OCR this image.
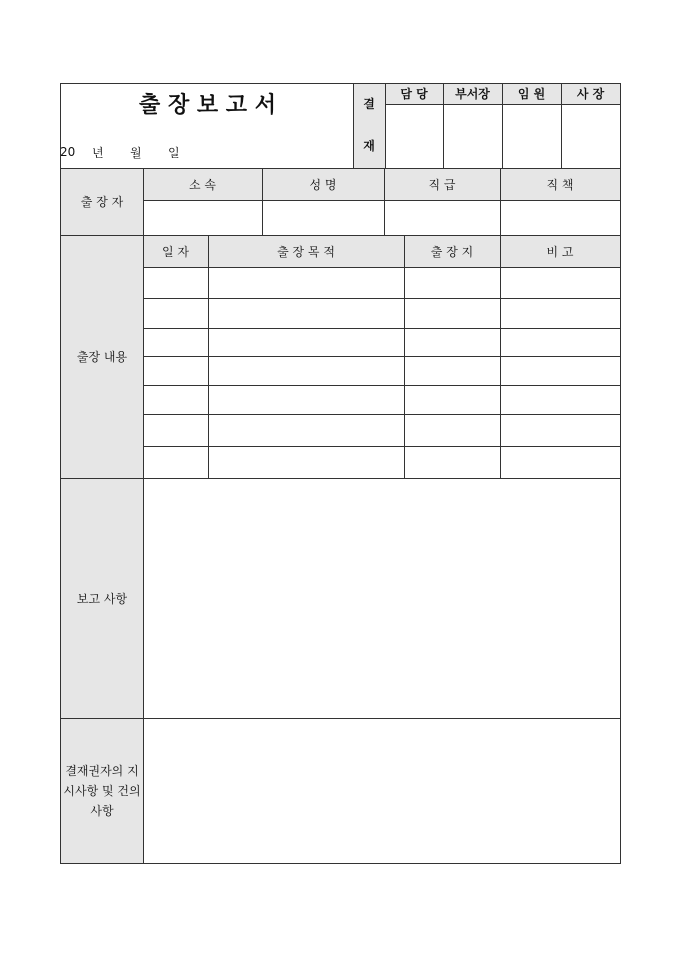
출 장 보 고 서
20	년	월	일
결
재
담 당	부서장	임 원	사 장
출 장 자
소 속	성 명	직 급	직 책
출장 내용
일 자	출 장 목 적	출 장 지	비 고
보고 사항
결재권자의 지시사항 및 건의사항
